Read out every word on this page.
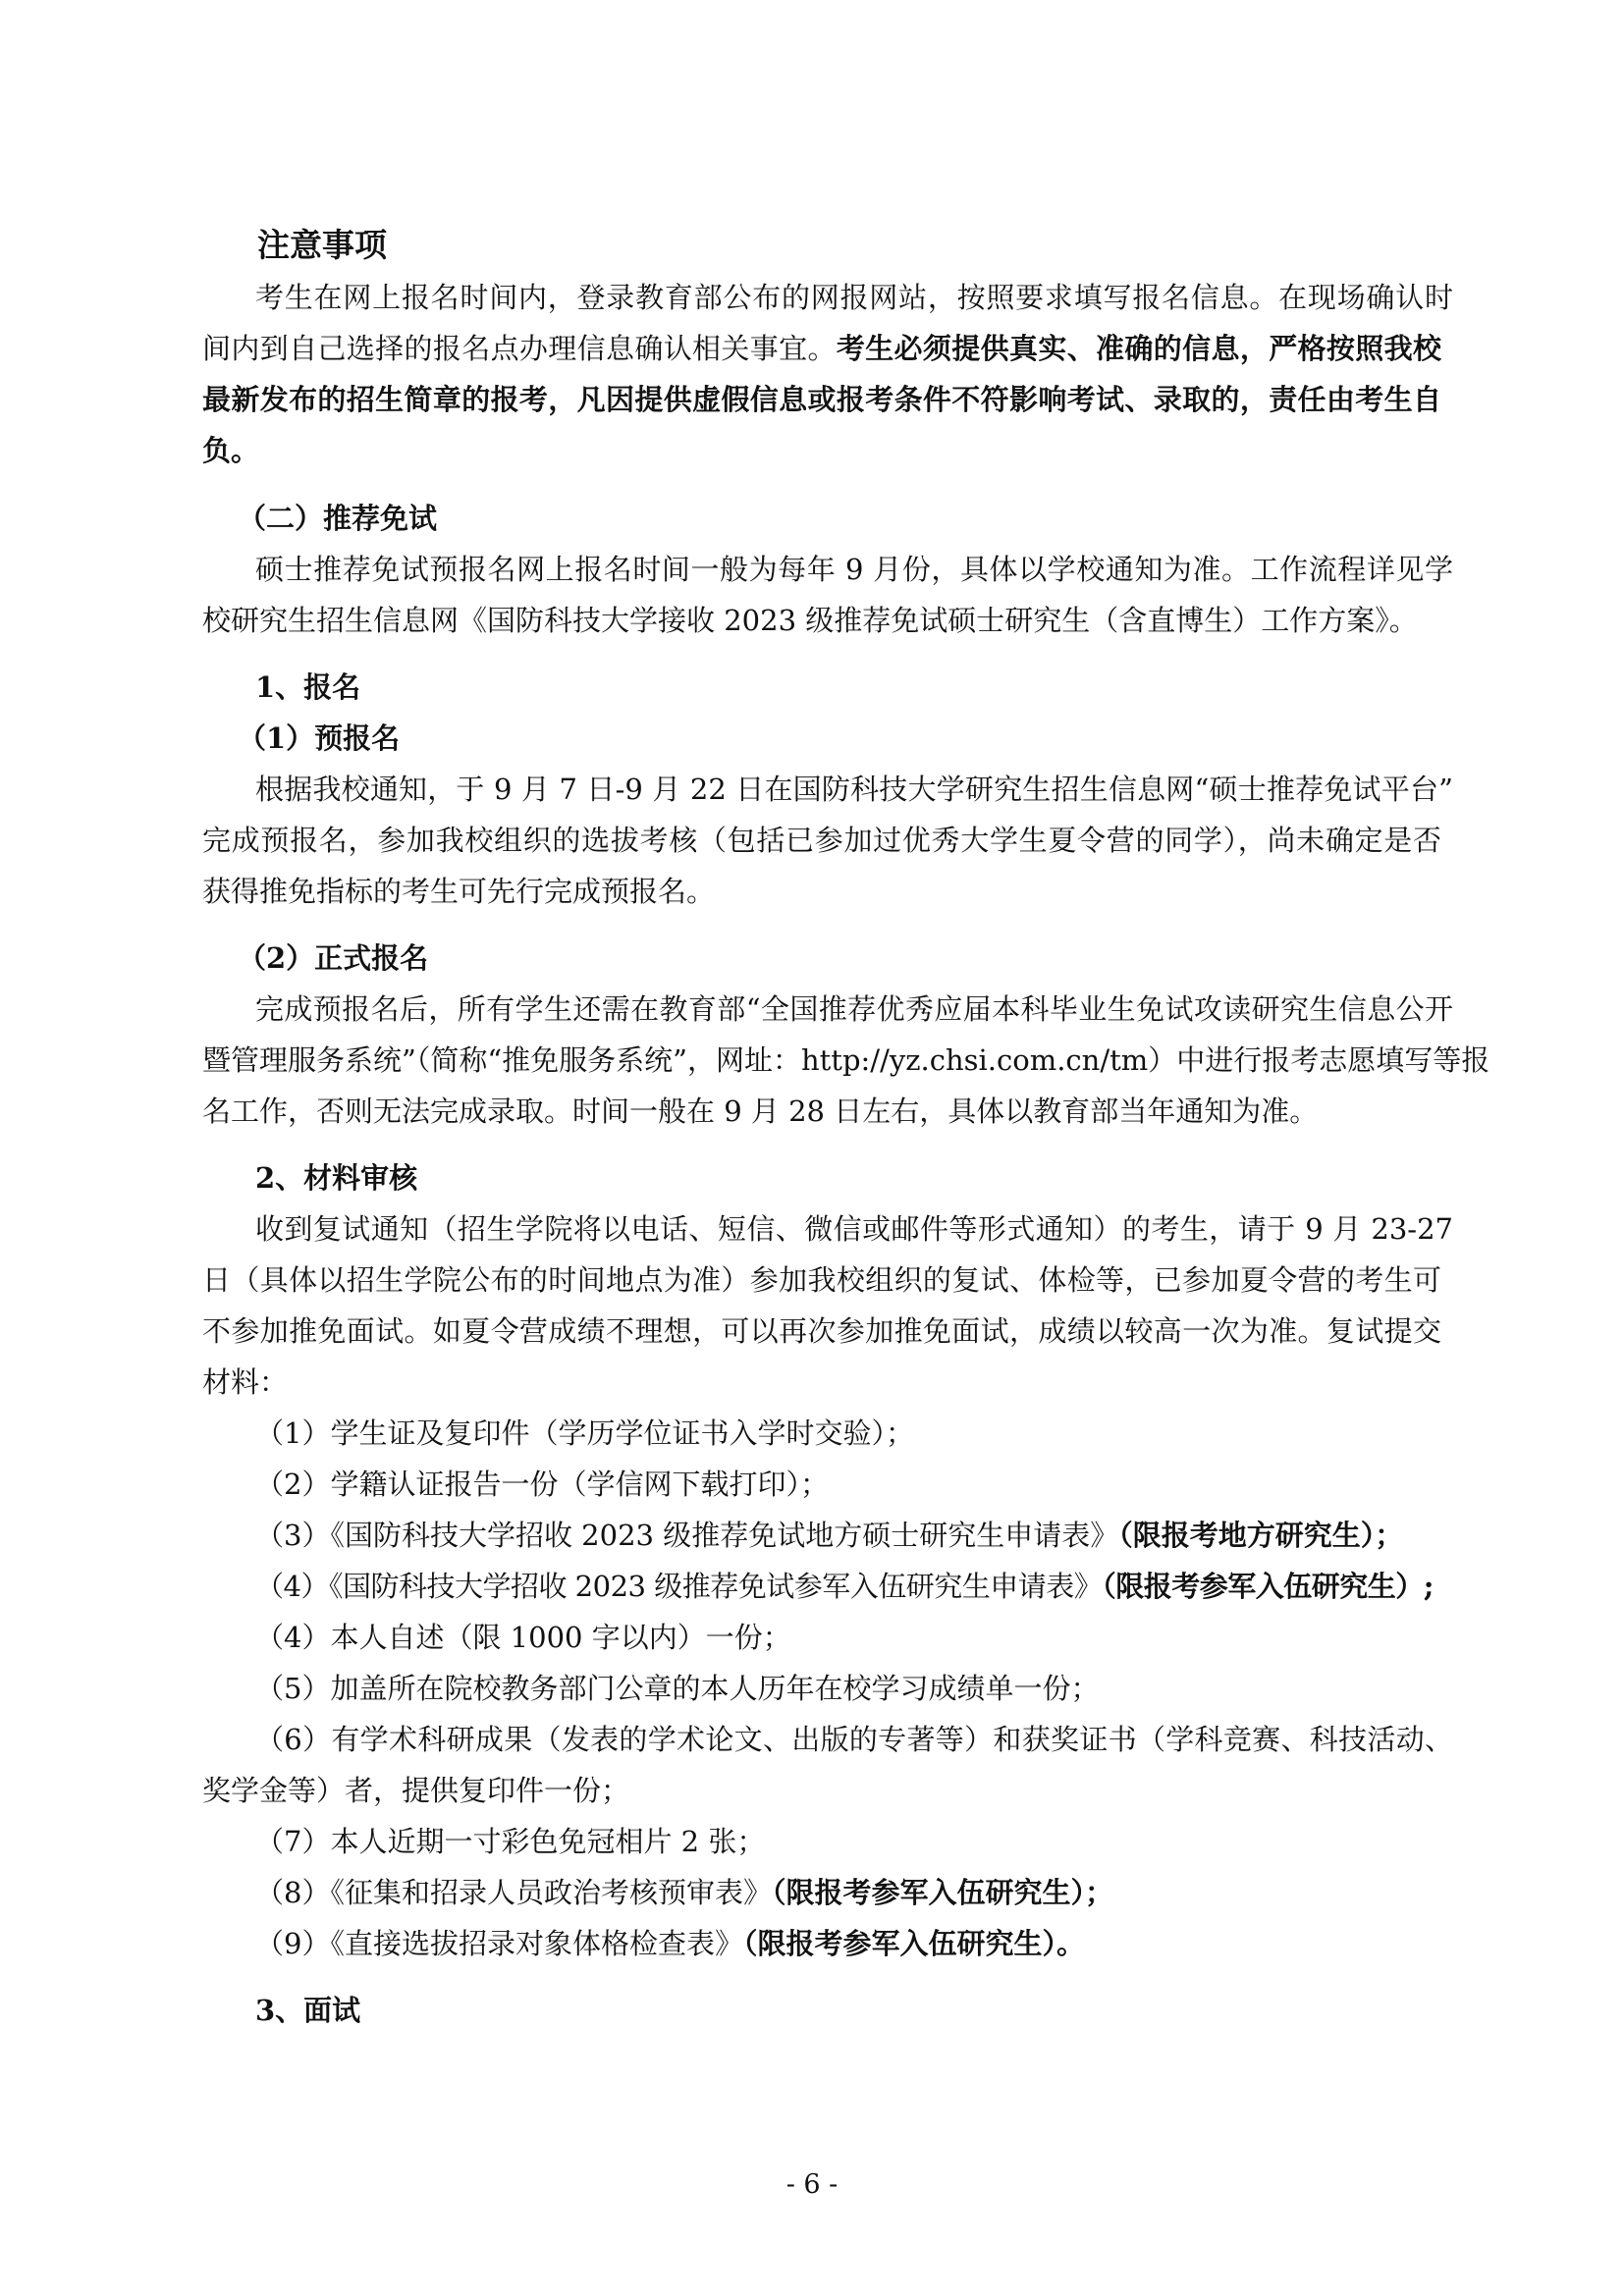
注意事项
考生在网上报名时间内，登录教育部公布的网报网站，按照要求填写报名信息。在现场确认时
间内到自己选择的报名点办理信息确认相关事宜。考生必须提供真实、准确的信息，严格按照我校
最新发布的招生简章的报考，凡因提供虚假信息或报考条件不符影响考试、录取的，责任由考生自
负。
（二）推荐免试
硕士推荐免试预报名网上报名时间一般为每年 9 月份，具体以学校通知为准。工作流程详见学
校研究生招生信息网《国防科技大学接收 2023 级推荐免试硕士研究生（含直博生）工作方案》。
1、报名
（1）预报名
根据我校通知，于 9 月 7 日-9 月 22 日在国防科技大学研究生招生信息网“硕士推荐免试平台”
完成预报名，参加我校组织的选拔考核（包括已参加过优秀大学生夏令营的同学），尚未确定是否
获得推免指标的考生可先行完成预报名。
（2）正式报名
完成预报名后，所有学生还需在教育部“全国推荐优秀应届本科毕业生免试攻读研究生信息公开
暨管理服务系统”（简称“推免服务系统”，网址：http://yz.chsi.com.cn/tm）中进行报考志愿填写等报
名工作，否则无法完成录取。时间一般在 9 月 28 日左右，具体以教育部当年通知为准。
2、材料审核
收到复试通知（招生学院将以电话、短信、微信或邮件等形式通知）的考生，请于 9 月 23-27
日（具体以招生学院公布的时间地点为准）参加我校组织的复试、体检等，已参加夏令营的考生可
不参加推免面试。如夏令营成绩不理想，可以再次参加推免面试，成绩以较高一次为准。复试提交
材料：
（1）学生证及复印件（学历学位证书入学时交验）；
（2）学籍认证报告一份（学信网下载打印）；
（3）《国防科技大学招收 2023 级推荐免试地方硕士研究生申请表》（限报考地方研究生）；
（4）《国防科技大学招收 2023 级推荐免试参军入伍研究生申请表》（限报考参军入伍研究生）;
（4）本人自述（限 1000 字以内）一份；
（5）加盖所在院校教务部门公章的本人历年在校学习成绩单一份；
（6）有学术科研成果（发表的学术论文、出版的专著等）和获奖证书（学科竞赛、科技活动、
奖学金等）者，提供复印件一份；
（7）本人近期一寸彩色免冠相片 2 张；
（8）《征集和招录人员政治考核预审表》（限报考参军入伍研究生）；
（9）《直接选拔招录对象体格检查表》（限报考参军入伍研究生）。
3、面试
- 6 -
